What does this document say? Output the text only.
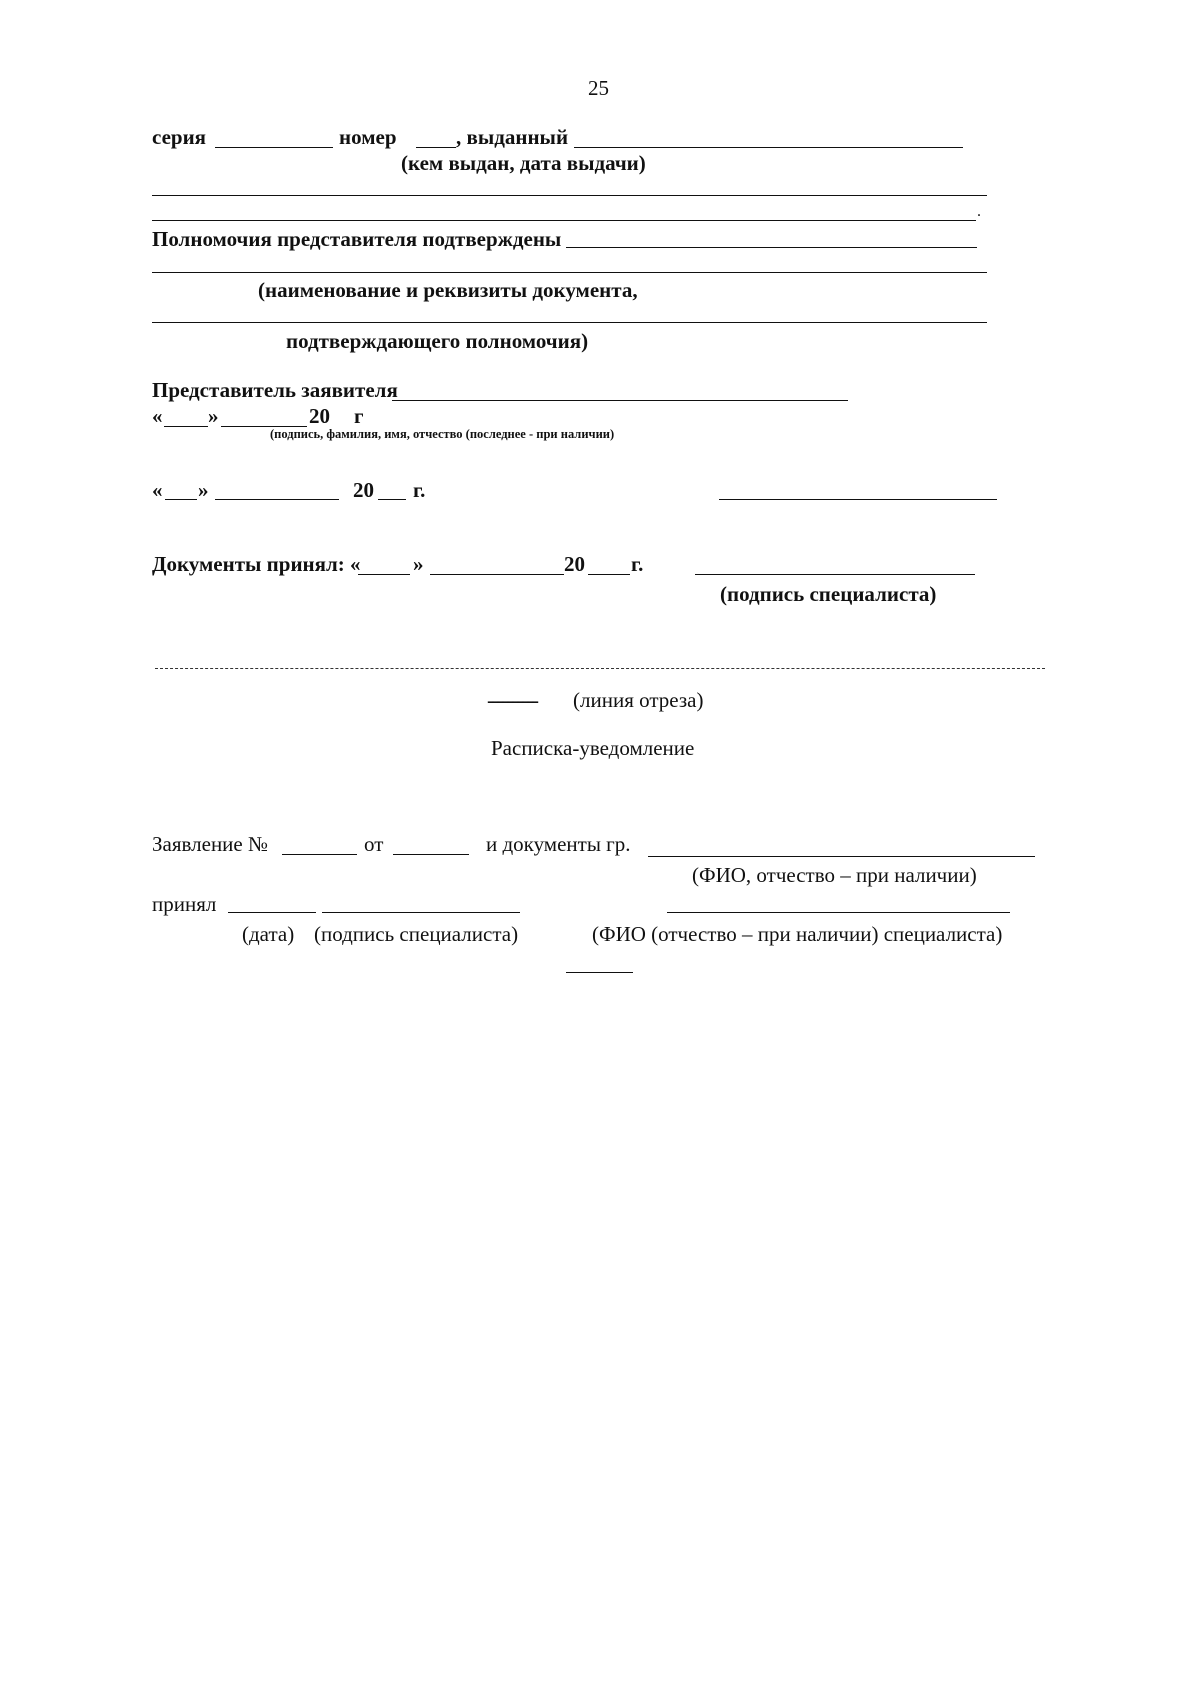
25
серия	номер	, выданный
(кем выдан, дата выдачи)
.
Полномочия представителя подтверждены
(наименование и реквизиты документа,
подтверждающего полномочия)
Представитель заявителя
« »	20 г
(подпись, фамилия, имя, отчество (последнее - при наличии)
« »	20 г.
Документы принял: « »	20 г.
(подпись специалиста)
---------- (линия отреза)
Расписка-уведомление
Заявление №	от	и документы гр.
(ФИО, отчество – при наличии)
принял
(дата) (подпись специалиста)	(ФИО (отчество – при наличии) специалиста)
